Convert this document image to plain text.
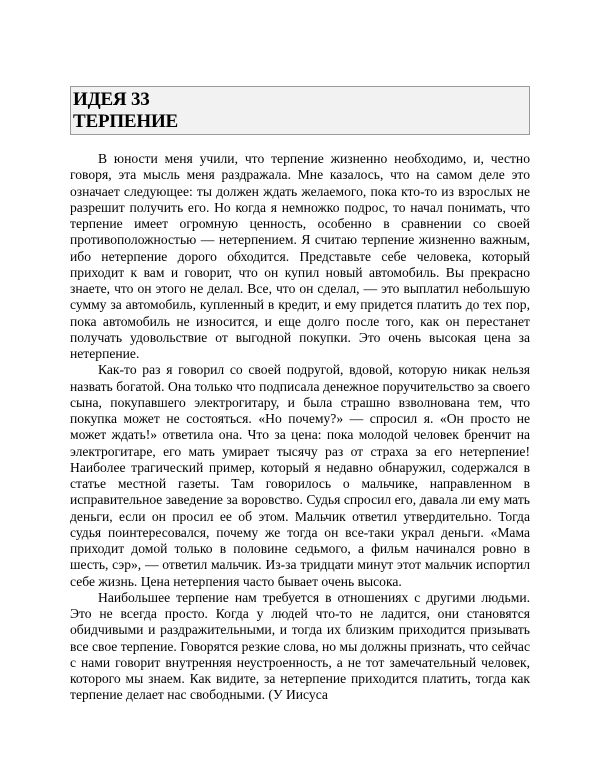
ИДЕЯ 33
ТЕРПЕНИЕ

В юности меня учили, что терпение жизненно необходимо, и, честно говоря, эта мысль меня раздражала. Мне казалось, что на самом деле это означает следующее: ты должен ждать желаемого, пока кто-то из взрослых не разрешит получить его. Но когда я немножко подрос, то начал понимать, что терпение имеет огромную ценность, особенно в сравнении со своей противоположностью — нетерпением. Я считаю терпение жизненно важным, ибо нетерпение дорого обходится. Представьте себе человека, который приходит к вам и говорит, что он купил новый автомобиль. Вы прекрасно знаете, что он этого не делал. Все, что он сделал, — это выплатил небольшую сумму за автомобиль, купленный в кредит, и ему придется платить до тех пор, пока автомобиль не износится, и еще долго после того, как он перестанет получать удовольствие от выгодной покупки. Это очень высокая цена за нетерпение.

Как-то раз я говорил со своей подругой, вдовой, которую никак нельзя назвать богатой. Она только что подписала денежное поручительство за своего сына, покупавшего электрогитару, и была страшно взволнована тем, что покупка может не состояться. «Но почему?» — спросил я. «Он просто не может ждать!» ответила она. Что за цена: пока молодой человек бренчит на электрогитаре, его мать умирает тысячу раз от страха за его нетерпение! Наиболее трагический пример, который я недавно обнаружил, содержался в статье местной газеты. Там говорилось о мальчике, направленном в исправительное заведение за воровство. Судья спросил его, давала ли ему мать деньги, если он просил ее об этом. Мальчик ответил утвердительно. Тогда судья поинтересовался, почему же тогда он все-таки украл деньги. «Мама приходит домой только в половине седьмого, а фильм начинался ровно в шесть, сэр», — ответил мальчик. Из-за тридцати минут этот мальчик испортил себе жизнь. Цена нетерпения часто бывает очень высока.

Наибольшее терпение нам требуется в отношениях с другими людьми. Это не всегда просто. Когда у людей что-то не ладится, они становятся обидчивыми и раздражительными, и тогда их близким приходится призывать все свое терпение. Говорятся резкие слова, но мы должны признать, что сейчас с нами говорит внутренняя неустроенность, а не тот замечательный человек, которого мы знаем. Как видите, за нетерпение приходится платить, тогда как терпение делает нас свободными. (У Иисуса
